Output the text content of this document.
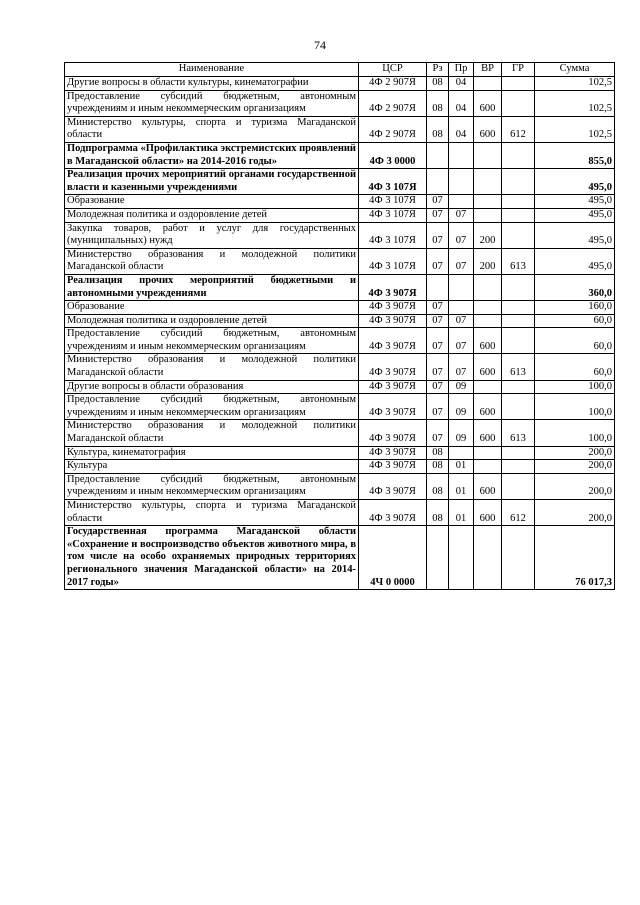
74
Наименование	ЦСР	Рз	Пр	ВР	ГР	Сумма
Другие вопросы в области культуры, кинематографии	4Ф 2 907Я	08	04			102,5
Предоставление субсидий бюджетным, автономным учреждениям и иным некоммерческим организациям	4Ф 2 907Я	08	04	600		102,5
Министерство культуры, спорта и туризма Магаданской области	4Ф 2 907Я	08	04	600	612	102,5
Подпрограмма «Профилактика экстремистских проявлений в Магаданской области» на 2014-2016 годы»	4Ф 3 0000					855,0
Реализация прочих мероприятий органами государственной власти и казенными учреждениями	4Ф 3 107Я					495,0
Образование	4Ф 3 107Я	07				495,0
Молодежная политика и оздоровление детей	4Ф 3 107Я	07	07			495,0
Закупка товаров, работ и услуг для государственных (муниципальных) нужд	4Ф 3 107Я	07	07	200		495,0
Министерство образования и молодежной политики Магаданской области	4Ф 3 107Я	07	07	200	613	495,0
Реализация прочих мероприятий бюджетными и автономными учреждениями	4Ф 3 907Я					360,0
Образование	4Ф 3 907Я	07				160,0
Молодежная политика и оздоровление детей	4Ф 3 907Я	07	07			60,0
Предоставление субсидий бюджетным, автономным учреждениям и иным некоммерческим организациям	4Ф 3 907Я	07	07	600		60,0
Министерство образования и молодежной политики Магаданской области	4Ф 3 907Я	07	07	600	613	60,0
Другие вопросы в области образования	4Ф 3 907Я	07	09			100,0
Предоставление субсидий бюджетным, автономным учреждениям и иным некоммерческим организациям	4Ф 3 907Я	07	09	600		100,0
Министерство образования и молодежной политики Магаданской области	4Ф 3 907Я	07	09	600	613	100,0
Культура, кинематография	4Ф 3 907Я	08				200,0
Культура	4Ф 3 907Я	08	01			200,0
Предоставление субсидий бюджетным, автономным учреждениям и иным некоммерческим организациям	4Ф 3 907Я	08	01	600		200,0
Министерство культуры, спорта и туризма Магаданской области	4Ф 3 907Я	08	01	600	612	200,0
Государственная программа Магаданской области «Сохранение и воспроизводство объектов животного мира, в том числе на особо охраняемых природных территориях регионального значения Магаданской области» на 2014-2017 годы»	4Ч 0 0000					76 017,3
